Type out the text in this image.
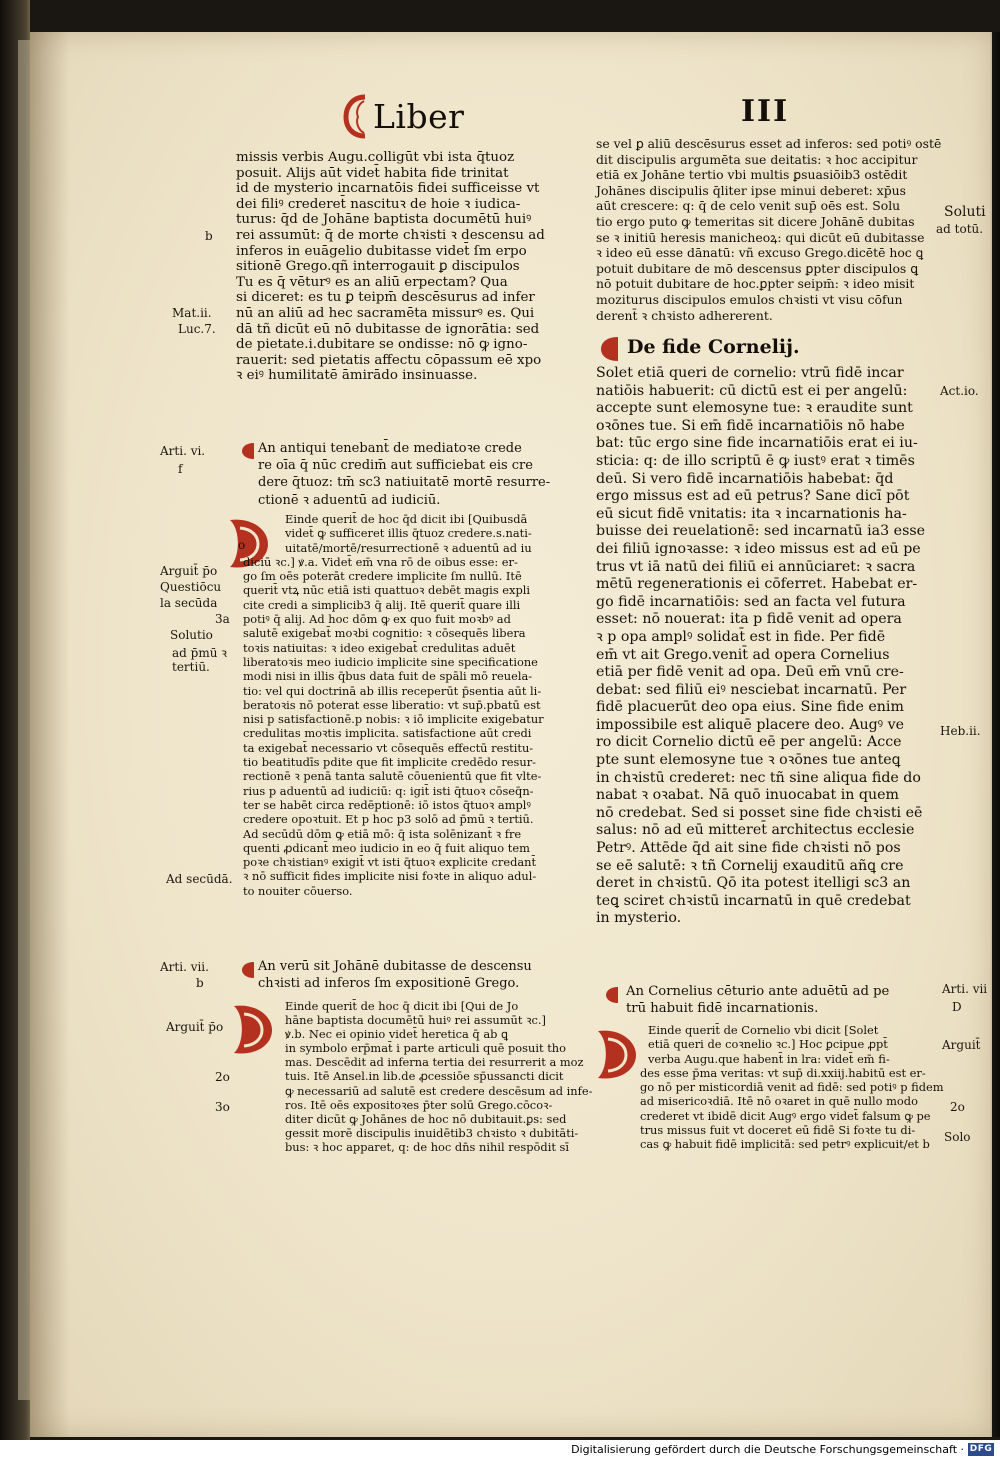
Liber	III
missis verbis Augu.colligūt vbi ista q̄tuoz
posuit. Alijs aūt videt̄ habita fide trinitat
id de mysterio incarnatōis fidei sufficeisse vt
dei filiꝰ crederet̄ nascituꝛ de hoie ꝛ iudica-
turus: q̄d de Johāne baptista documētū huiꝰ
rei assumūt: q̄ de morte chꝛisti ꝛ descensu ad
inferos in euāgelio dubitasse videt̄ ſm erpo
sitionē Grego.qñ interrogauit ꝑ discipulos
Tu es q̄ vēturꝰ es an aliū erpectam? Qua
si diceret: es tu ꝑ teipm̄ descēsurus ad infer
nū an aliū ad hec sacramēta missurꝰ es. Qui
dā tñ dicūt eū nō dubitasse de ignorātia: sed
de pietate.i.dubitare se ondisse: nō ꝙ igno-
rauerit: sed pietatis affectu cōpassum eē xpo
ꝛ eiꝰ humilitatē āmirādo insinuasse.
An antiqui tenebant̄ de mediatoꝛe crede
re oīa q̄ nūc credim̄ aut sufficiebat eis cre
dere q̄tuoz: tm̄ sc3 natiuitatē mortē resurre-
ctionē ꝛ aduentū ad iudiciū.
o
Einde querit̄ de hoc q̄d dicit ibi [Quibusdā
videt̄ ꝙ sufficeret illis q̄tuoz credere.s.nati-
uitatē/mortē/resurrectionē ꝛ aduentū ad iu
diciū ꝛc.] ꝟ.a. Videt̄ em̄ vna rō de oibus esse: er-
go ſm oēs poterāt credere implicite ſm nullū. Itē
querit̄ vtꝝ nūc etiā isti quattuoꝛ debēt magis expli
cite credi a simplicib3 q̄ alij. Itē querit̄ quare illi
potiꝰ q̄ alij. Ad hoc dōm ꝙ ex quo fuit moꝛbꝰ ad
salutē exigebat̄ moꝛbi cognitio: ꝛ cōsequēs libera
toꝛis natiuitas: ꝛ ideo exigebat̄ credulitas aduēt
liberatoꝛis meo iudicio implicite sine specificatione
modi nisi in illis q̄bus data fuit de spāli mō reuela-
tio: vel qui doctrinā ab illis receperūt p̄sentia aūt li-
beratoꝛis nō poterat esse liberatio: vt sup̄.pbatū est
nisi p satisfactionē.p nobis: ꝛ iō implicite exigebatur
credulitas moꝛtis implicita. satisfactione aūt credi
ta exigebat̄ necessario vt cōsequēs effectū restitu-
tio beatitudīs pdite que fit implicite credēdo resur-
rectionē ꝛ penā tanta salutē cōuenientū que fit vlte-
rius p aduentū ad iudiciū: q: igit̄ isti q̄tuoꝛ cōseq̄n-
ter se habēt circa redēptionē: iō istos q̄tuoꝛ amplꝰ
credere opoꝛtuit. Et p hoc p3 solō ad p̄mū ꝛ tertiū.
Ad secūdū dōm ꝙ etiā mō: q̄ ista solēnizant̄ ꝛ fre
quenti ꝓdicant̄ meo iudicio in eo q̄ fuit aliquo tem
poꝛe chꝛistianꝰ exigit̄ vt isti q̄tuoꝛ explicite credant̄
ꝛ nō sufficit fides implicite nisi foꝛte in aliquo adul-
to nouiter cōuerso.
An verū sit Johānē dubitasse de descensu
chꝛisti ad inferos ſm expositionē Grego.
Einde querit̄ de hoc q̄ dicit ibi [Qui de Jo
hāne baptista documētū huiꝰ rei assumūt ꝛc.]
ꝟ.b. Nec ei opinio videt̄ heretica q̄ ab ꝗ
in symbolo erp̄mat̄ i parte articuli quē posuit tho
mas. Descēdit ad inferna tertia dei resurrerit a moz
tuis. Itē Ansel.in lib.de ꝓcessiōe sp̄ussancti dicit
ꝙ necessariū ad salutē est credere descēsum ad infe-
ros. Itē oēs expositoꝛes p̄ter solū Grego.cōcoꝛ-
diter dicūt ꝙ Johānes de hoc nō dubitauit.ꝑs: sed
gessit morē discipulis inuidētib3 chꝛisto ꝛ dubitāti-
bus: ꝛ hoc apparet, q: de hoc dn̄s nihil respōdit sī
se vel ꝑ aliū descēsurus esset ad inferos: sed potiꝰ ostē
dit discipulis argumēta sue deitatis: ꝛ hoc accipitur
etiā ex Johāne tertio vbi multis ꝑsuasiōib3 ostēdit
Johānes discipulis q̄liter ipse minui deberet: xp̄us
aūt crescere: q: q̄ de celo venit sup̄ oēs est. Solu
tio ergo puto ꝙ temeritas sit dicere Johānē dubitas
se ꝛ initiū heresis manicheoꝝ: qui dicūt eū dubitasse
ꝛ ideo eū esse dānatū: vñ excuso Grego.dicētē hoc ꝗ
potuit dubitare de mō descensus ꝑpter discipulos ꝗ
nō potuit dubitare de hoc.ꝑpter seipm̄: ꝛ ideo misit
moziturus discipulos emulos chꝛisti vt visu cōfun
derent̄ ꝛ chꝛisto adhererent.
De fide Cornelij.
Solet etiā queri de cornelio: vtrū fidē incar
natiōis habuerit: cū dictū est ei per angelū:
accepte sunt elemosyne tue: ꝛ eraudite sunt
oꝛōnes tue. Si em̄ fidē incarnatiōis nō habe
bat: tūc ergo sine fide incarnatiōis erat ei iu-
sticia: q: de illo scriptū ē ꝙ iustꝰ erat ꝛ timēs
deū. Si vero fidē incarnatiōis habebat: q̄d
ergo missus est ad eū petrus? Sane dicī pōt
eū sicut fidē vnitatis: ita ꝛ incarnationis ha-
buisse dei reuelationē: sed incarnatū ia3 esse
dei filiū ignoꝛasse: ꝛ ideo missus est ad eū pe
trus vt iā natū dei filiū ei annūciaret: ꝛ sacra
mētū regenerationis ei cōferret. Habebat er-
go fidē incarnatiōis: sed an facta vel futura
esset: nō nouerat: ita p fidē venit ad opera
ꝛ p opa amplꝰ solidat̄ est in fide. Per fidē
em̄ vt ait Grego.venit̄ ad opera Cornelius
etiā per fidē venit ad opa. Deū em̄ vnū cre-
debat: sed filiū eiꝰ nesciebat incarnatū. Per
fidē placuerūt deo opa eius. Sine fide enim
impossibile est aliquē placere deo. Augꝰ ve
ro dicit Cornelio dictū eē per angelū: Acce
pte sunt elemosyne tue ꝛ oꝛōnes tue anteꝗ
in chꝛistū crederet: nec tñ sine aliqua fide do
nabat ꝛ oꝛabat. Nā quō inuocabat in quem
nō credebat. Sed si posset sine fide chꝛisti eē
salus: nō ad eū mitteret̄ architectus ecclesie
Petrꝰ. Attēde q̄d ait sine fide chꝛisti nō pos
se eē salutē: ꝛ tñ Cornelij exauditū añꝗ cre
deret in chꝛistū. Qō ita potest itelligi sc3 an
teꝗ sciret chꝛistū incarnatū in quē credebat
in mysterio.
An Cornelius cēturio ante aduētū ad pe
trū habuit fidē incarnationis.
Einde querit̄ de Cornelio vbi dicit [Solet
etiā queri de coꝛnelio ꝛc.] Hoc ꝑcipue ꝓpt̄
verba Augu.que habent̄ in lra: videt̄ em̄ fi-
des esse p̄ma veritas: vt sup̄ di.xxiij.habitū est er-
go nō per misticordiā venit ad fidē: sed potiꝰ p fidem
ad misericoꝛdiā. Itē nō oꝛaret in quē nullo modo
crederet vt ibidē dicit Augꝰ ergo videt̄ falsum ꝙ pe
trus missus fuit vt doceret eū fidē Si foꝛte tu di-
cas ꝙ habuit fidē implicitā: sed petrꝰ explicuit/et b
b
Mat.ii.
Luc.7.
Arti. vi.
f
Arguit̄ p̄o
Questiōcu
la secūda
3a
Solutio
ad p̄mū ꝛ
tertiū.
Ad secūdā.
Arti. vii.
b
Arguit̄ p̄o
2o
3o
Soluti
ad totū.
Act.io.
Heb.ii.
Arti. vii
D
Arguit̄
2o
Solo
Digitalisierung gefördert durch die Deutsche Forschungsgemeinschaft · DFG
